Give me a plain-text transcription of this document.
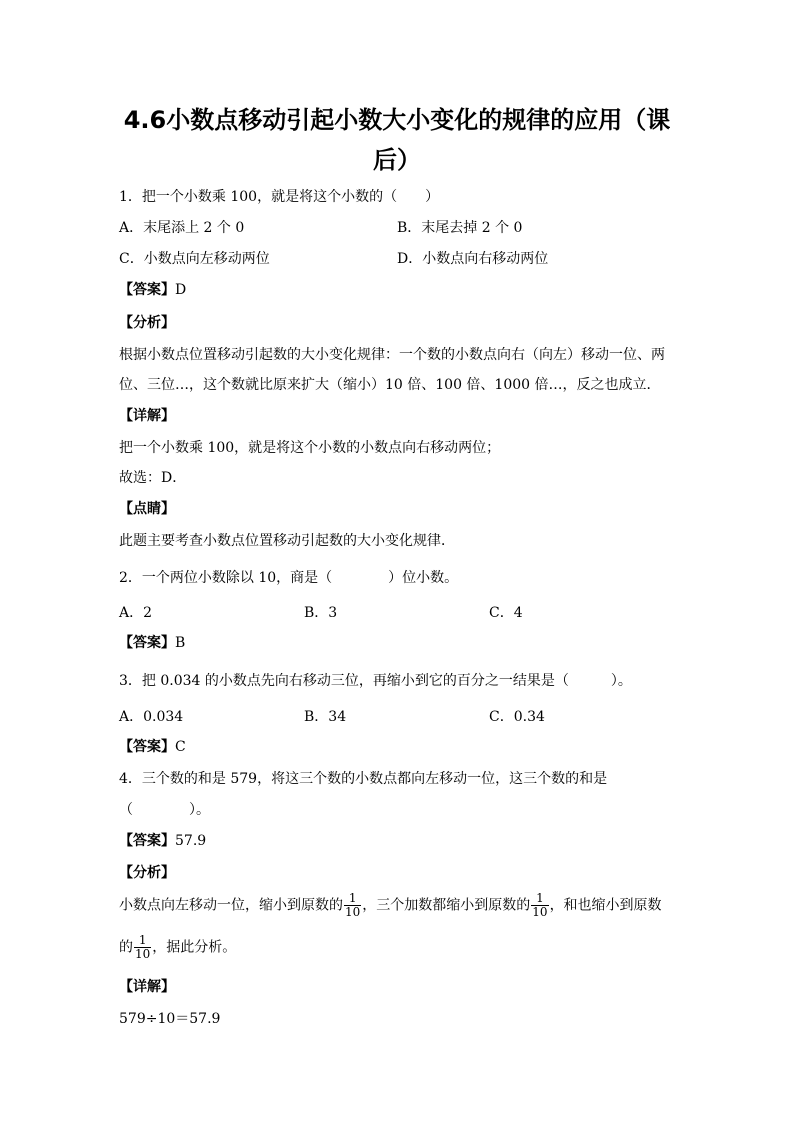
4.6小数点移动引起小数大小变化的规律的应用（课后）
1．把一个小数乘 100，就是将这个小数的（　　）
A．末尾添上 2 个 0	B．末尾去掉 2 个 0
C．小数点向左移动两位	D．小数点向右移动两位
【答案】D
【分析】
根据小数点位置移动引起数的大小变化规律：一个数的小数点向右（向左）移动一位、两
位、三位…，这个数就比原来扩大（缩小）10 倍、100 倍、1000 倍…，反之也成立．
【详解】
把一个小数乘 100，就是将这个小数的小数点向右移动两位；
故选：D．
【点睛】
此题主要考查小数点位置移动引起数的大小变化规律．
2．一个两位小数除以 10，商是（　　　　）位小数。
A．2	B．3	C．4
【答案】B
3．把 0.034 的小数点先向右移动三位，再缩小到它的百分之一结果是（　　　）。
A．0.034	B．34	C．0.34
【答案】C
4．三个数的和是 579，将这三个数的小数点都向左移动一位，这三个数的和是
（　　　　）。
【答案】57.9
【分析】
小数点向左移动一位，缩小到原数的 $\frac{1}{10}$ ，三个加数都缩小到原数的 $\frac{1}{10}$ ，和也缩小到原数
的 $\frac{1}{10}$ ，据此分析。
【详解】
579÷10＝57.9
